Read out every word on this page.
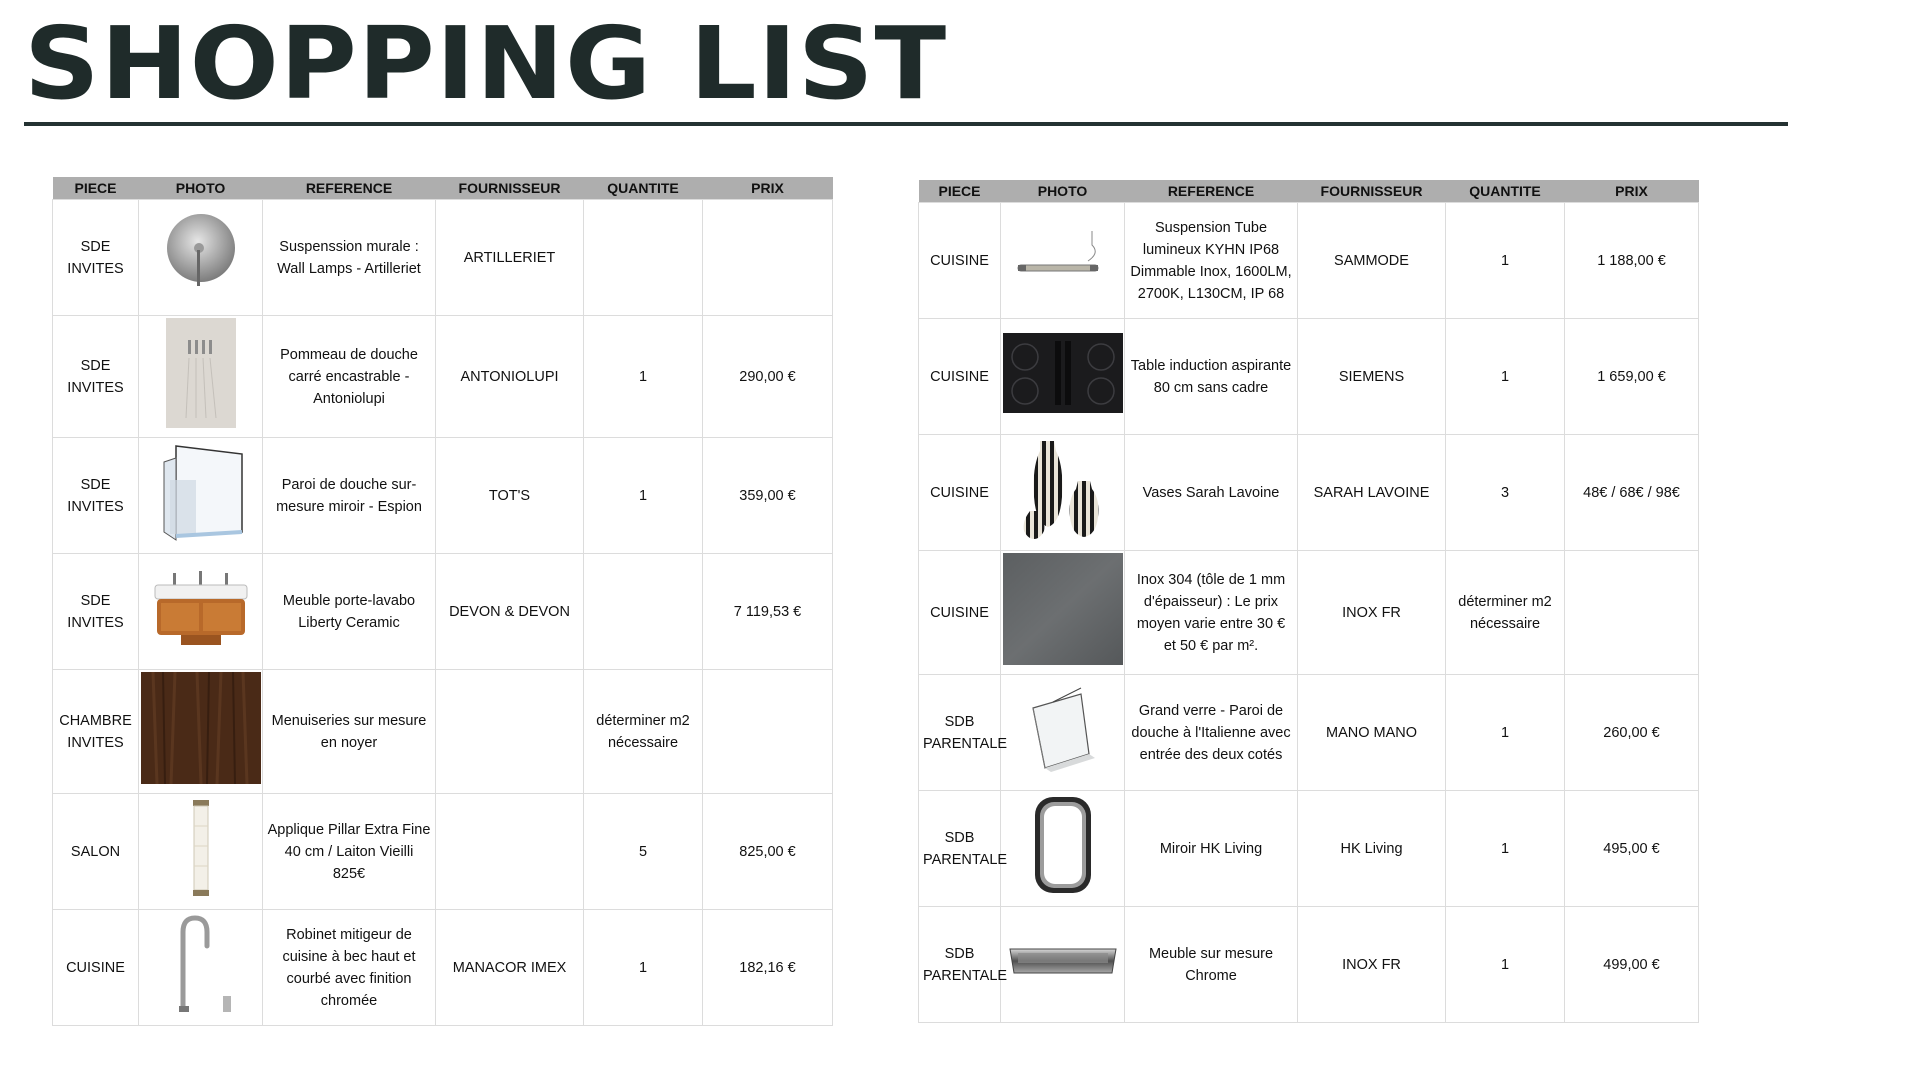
SHOPPING LIST
PIECE	PHOTO	REFERENCE	FOURNISSEUR	QUANTITE	PRIX
SDE INVITES		Suspenssion murale : Wall Lamps - Artilleriet	ARTILLERIET		
SDE INVITES		Pommeau de douche carré encastrable -Antoniolupi	ANTONIOLUPI	1	290,00 €
SDE INVITES		Paroi de douche sur-mesure miroir - Espion	TOT'S	1	359,00 €
SDE INVITES		Meuble porte-lavabo Liberty Ceramic	DEVON & DEVON		7 119,53 €
CHAMBRE INVITES		Menuiseries sur mesure en noyer		déterminer m2 nécessaire	
SALON		Applique Pillar Extra Fine 40 cm / Laiton Vieilli 825€		5	825,00 €
CUISINE		Robinet mitigeur de cuisine à bec haut et courbé avec finition chromée	MANACOR IMEX	1	182,16 €
PIECE	PHOTO	REFERENCE	FOURNISSEUR	QUANTITE	PRIX
CUISINE		Suspension Tube lumineux KYHN IP68 Dimmable Inox, 1600LM, 2700K, L130CM, IP 68	SAMMODE	1	1 188,00 €
CUISINE		Table induction aspirante 80 cm sans cadre	SIEMENS	1	1 659,00 €
CUISINE		Vases Sarah Lavoine	SARAH LAVOINE	3	48€ / 68€ / 98€
CUISINE		Inox 304 (tôle de 1 mm d'épaisseur) : Le prix moyen varie entre 30 € et 50 € par m².	INOX FR	déterminer m2 nécessaire	
SDB PARENTALE		Grand verre - Paroi de douche à l'Italienne avec entrée des deux cotés	MANO MANO	1	260,00 €
SDB PARENTALE		Miroir HK Living	HK Living	1	495,00 €
SDB PARENTALE		Meuble sur mesure Chrome	INOX FR	1	499,00 €
